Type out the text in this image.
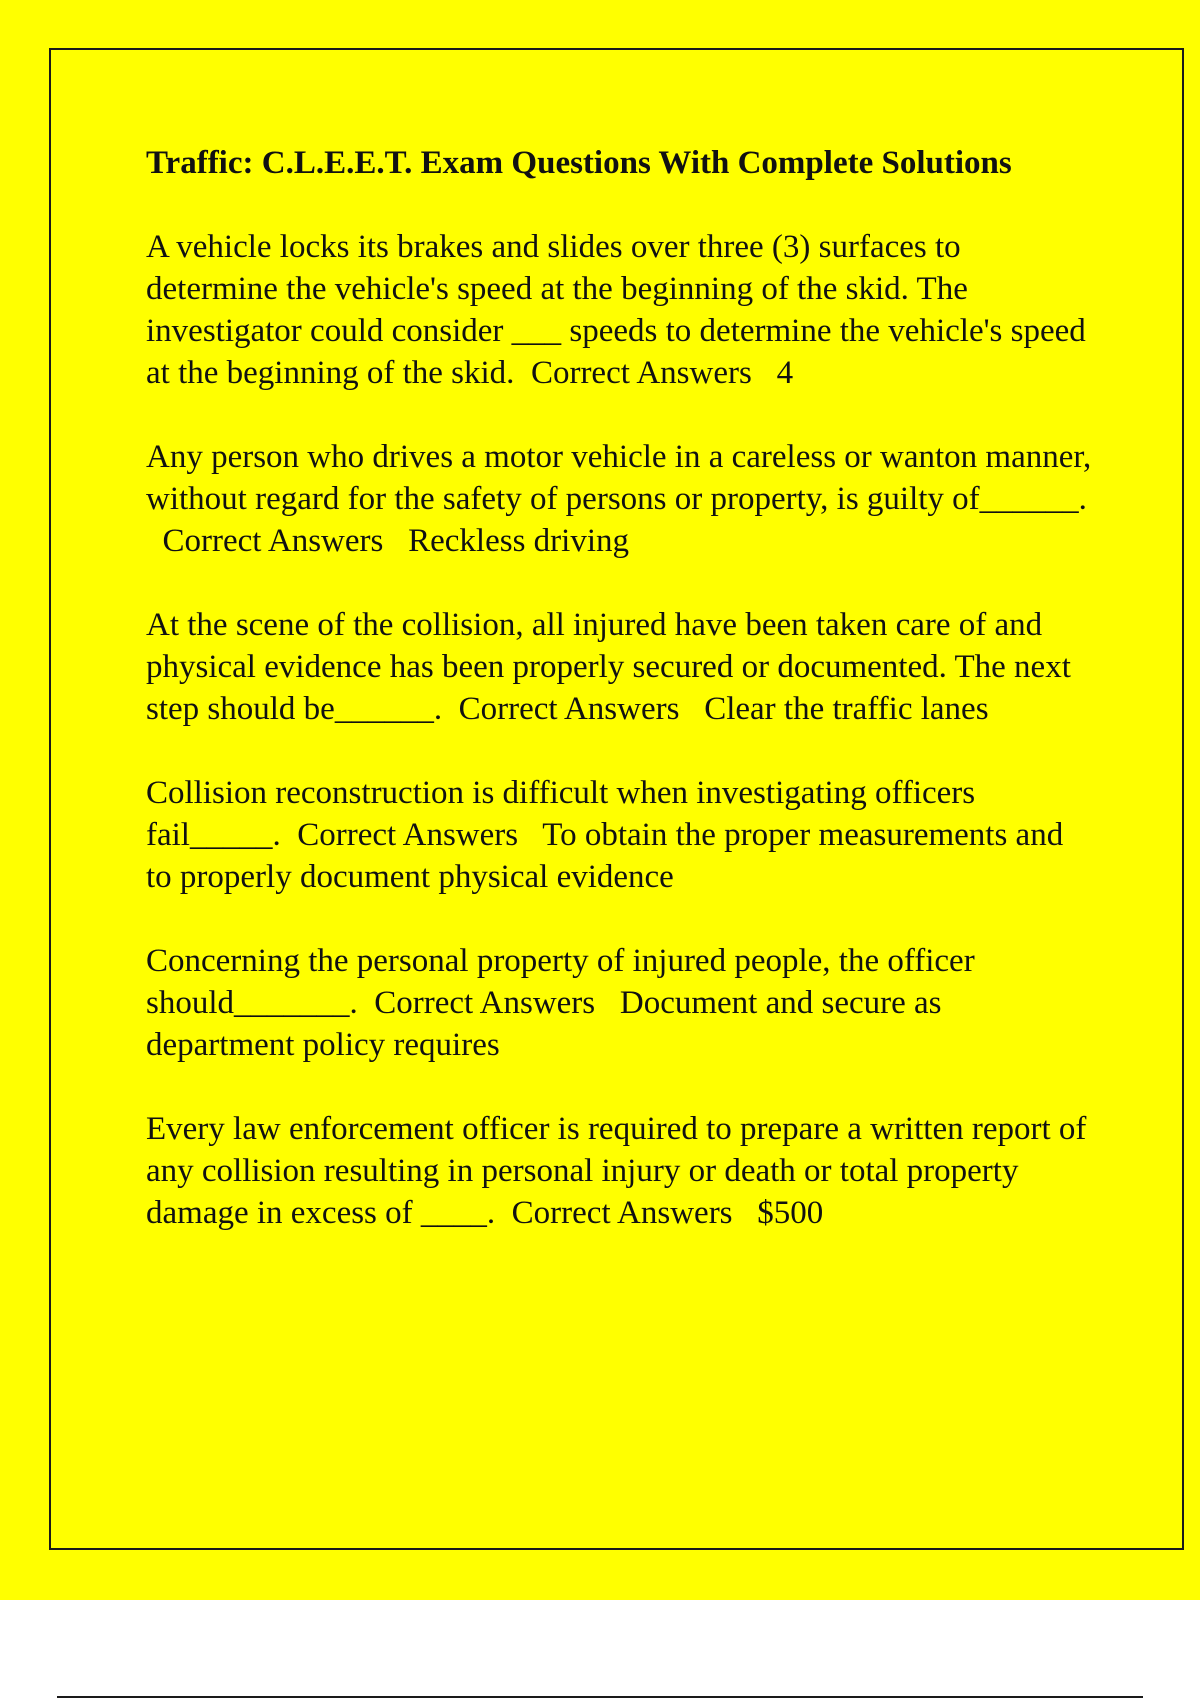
Traffic: C.L.E.E.T. Exam Questions With Complete Solutions
A vehicle locks its brakes and slides over three (3) surfaces to determine the vehicle's speed at the beginning of the skid. The investigator could consider ___ speeds to determine the vehicle's speed at the beginning of the skid. Correct Answers 4
Any person who drives a motor vehicle in a careless or wanton manner, without regard for the safety of persons or property, is guilty of______.  Correct Answers Reckless driving
At the scene of the collision, all injured have been taken care of and physical evidence has been properly secured or documented. The next step should be______. Correct Answers Clear the traffic lanes
Collision reconstruction is difficult when investigating officers fail_____. Correct Answers To obtain the proper measurements and to properly document physical evidence
Concerning the personal property of injured people, the officer should_______. Correct Answers Document and secure as department policy requires
Every law enforcement officer is required to prepare a written report of any collision resulting in personal injury or death or total property damage in excess of ____. Correct Answers $500
